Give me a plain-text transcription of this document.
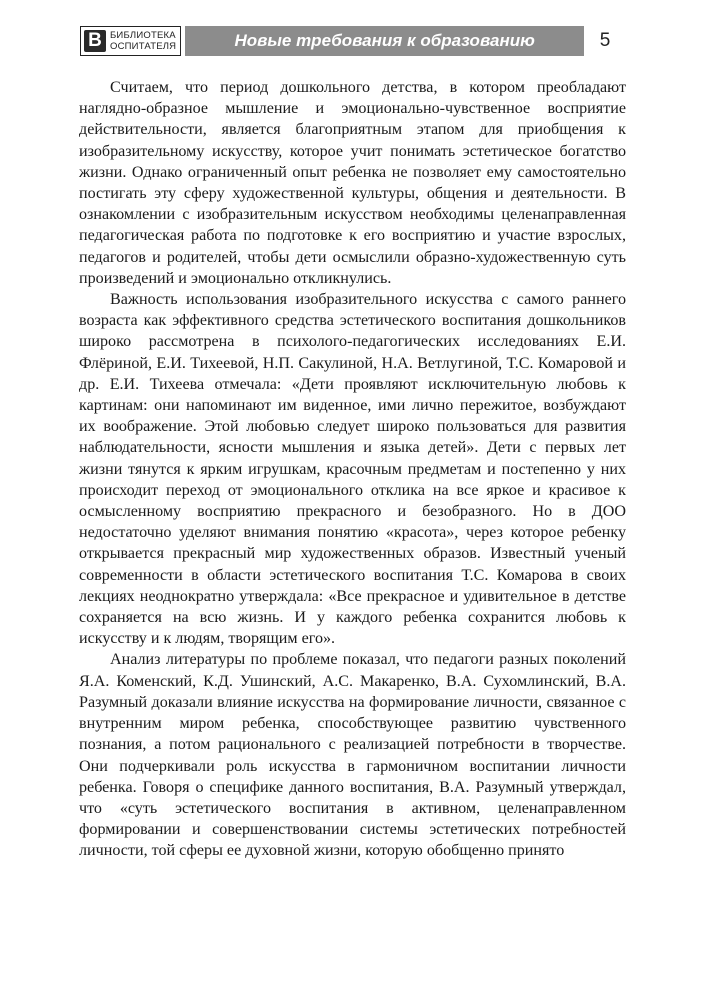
В БИБЛИОТЕКА
ОСПИТАТЕЛЯ	Новые требования к образованию	5

Считаем, что период дошкольного детства, в котором преобладают наглядно-образное мышление и эмоционально-чувственное восприятие действительности, является благоприятным этапом для приобщения к изобразительному искусству, которое учит понимать эстетическое богатство жизни. Однако ограниченный опыт ребенка не позволяет ему самостоятельно постигать эту сферу художественной культуры, общения и деятельности. В ознакомлении с изобразительным искусством необходимы целенаправленная педагогическая работа по подготовке к его восприятию и участие взрослых, педагогов и родителей, чтобы дети осмыслили образно-художественную суть произведений и эмоционально откликнулись.

Важность использования изобразительного искусства с самого раннего возраста как эффективного средства эстетического воспитания дошкольников широко рассмотрена в психолого-педагогических исследованиях Е.И. Флёриной, Е.И. Тихеевой, Н.П. Сакулиной, Н.А. Ветлугиной, Т.С. Комаровой и др. Е.И. Тихеева отмечала: «Дети проявляют исключительную любовь к картинам: они напоминают им виденное, ими лично пережитое, возбуждают их воображение. Этой любовью следует широко пользоваться для развития наблюдательности, ясности мышления и языка детей». Дети с первых лет жизни тянутся к ярким игрушкам, красочным предметам и постепенно у них происходит переход от эмоционального отклика на все яркое и красивое к осмысленному восприятию прекрасного и безобразного. Но в ДОО недостаточно уделяют внимания понятию «красота», через которое ребенку открывается прекрасный мир художественных образов. Известный ученый современности в области эстетического воспитания Т.С. Комарова в своих лекциях неоднократно утверждала: «Все прекрасное и удивительное в детстве сохраняется на всю жизнь. И у каждого ребенка сохранится любовь к искусству и к людям, творящим его».

Анализ литературы по проблеме показал, что педагоги разных поколений Я.А. Коменский, К.Д. Ушинский, А.С. Макаренко, В.А. Сухомлинский, В.А. Разумный доказали влияние искусства на формирование личности, связанное с внутренним миром ребенка, способствующее развитию чувственного познания, а потом рационального с реализацией потребности в творчестве. Они подчеркивали роль искусства в гармоничном воспитании личности ребенка. Говоря о специфике данного воспитания, В.А. Разумный утверждал, что «суть эстетического воспитания в активном, целенаправленном формировании и совершенствовании системы эстетических потребностей личности, той сферы ее духовной жизни, которую обобщенно принято
